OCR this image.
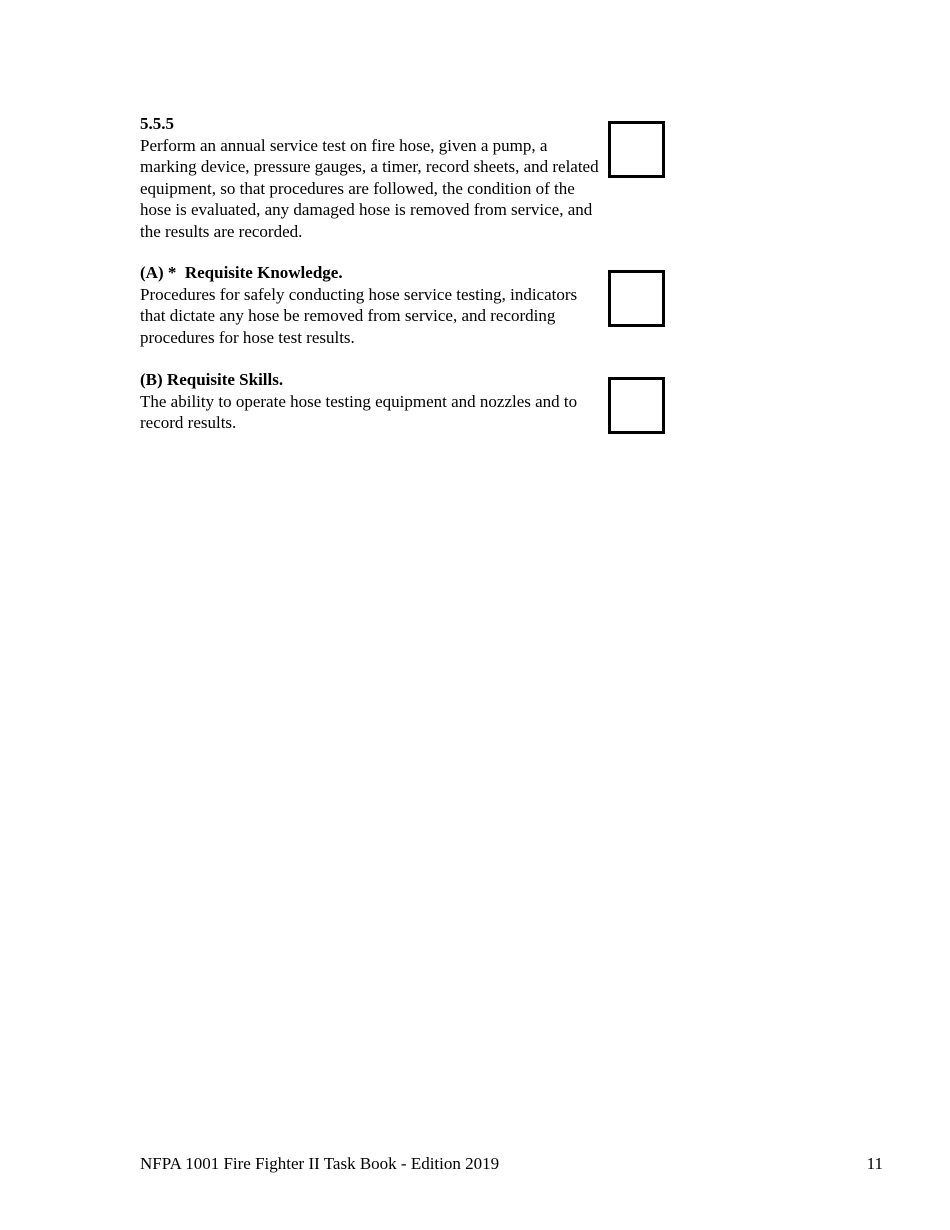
5.5.5

Perform an annual service test on fire hose, given a pump, a marking device, pressure gauges, a timer, record sheets, and related equipment, so that procedures are followed, the condition of the hose is evaluated, any damaged hose is removed from service, and the results are recorded.

(A) *  Requisite Knowledge.

Procedures for safely conducting hose service testing, indicators that dictate any hose be removed from service, and recording procedures for hose test results.

(B) Requisite Skills.

The ability to operate hose testing equipment and nozzles and to record results.

NFPA 1001 Fire Fighter II Task Book - Edition 2019	11
